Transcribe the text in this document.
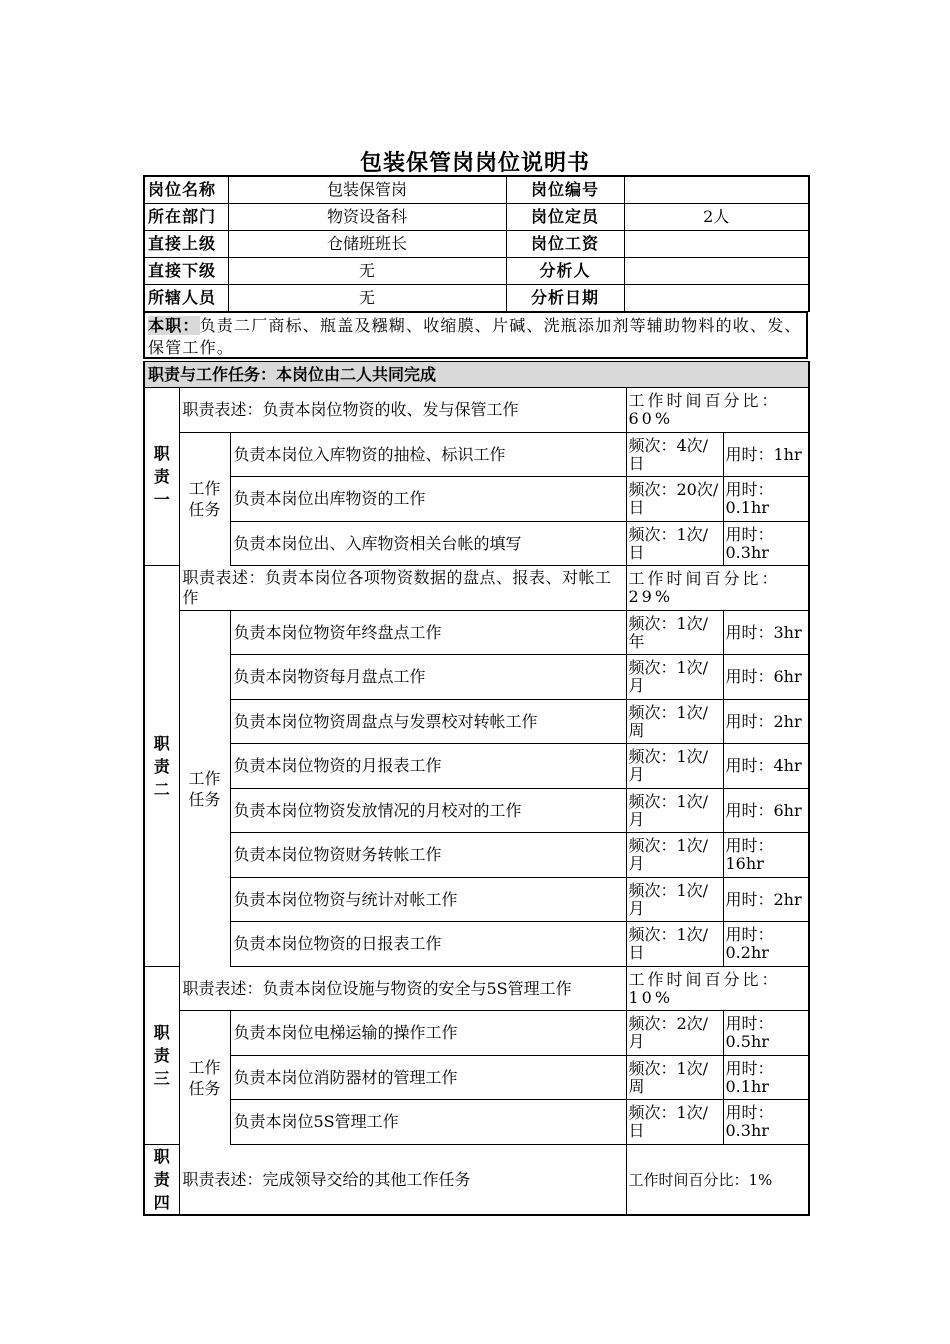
包装保管岗岗位说明书
岗位名称	包装保管岗	岗位编号	
所在部门	物资设备科	岗位定员	2人
直接上级	仓储班班长	岗位工资	
直接下级	无	分析人	
所辖人员	无	分析日期	
本职：负责二厂商标、瓶盖及糨糊、收缩膜、片碱、洗瓶添加剂等辅助物料的收、发、保管工作。
职责与工作任务：本岗位由二人共同完成				
职责一	职责表述：负责本岗位物资的收、发与保管工作		工作时间百分比：60%	
	工作任务	负责本岗位入库物资的抽检、标识工作	频次：4次/日	用时：1hr
		负责本岗位出库物资的工作	频次：20次/日	用时：0.1hr
		负责本岗位出、入库物资相关台帐的填写	频次：1次/日	用时：0.3hr
职责二	职责表述：负责本岗位各项物资数据的盘点、报表、对帐工作		工作时间百分比：29%	
	工作任务	负责本岗位物资年终盘点工作	频次：1次/年	用时：3hr
		负责本岗物资每月盘点工作	频次：1次/月	用时：6hr
		负责本岗位物资周盘点与发票校对转帐工作	频次：1次/周	用时：2hr
		负责本岗位物资的月报表工作	频次：1次/月	用时：4hr
		负责本岗位物资发放情况的月校对的工作	频次：1次/月	用时：6hr
		负责本岗位物资财务转帐工作	频次：1次/月	用时：16hr
		负责本岗位物资与统计对帐工作	频次：1次/月	用时：2hr
		负责本岗位物资的日报表工作	频次：1次/日	用时：0.2hr
职责三	职责表述：负责本岗位设施与物资的安全与5S管理工作		工作时间百分比：10%	
	工作任务	负责本岗位电梯运输的操作工作	频次：2次/月	用时：0.5hr
		负责本岗位消防器材的管理工作	频次：1次/周	用时：0.1hr
		负责本岗位5S管理工作	频次：1次/日	用时：0.3hr
职责四	职责表述：完成领导交给的其他工作任务		工作时间百分比：1%	
